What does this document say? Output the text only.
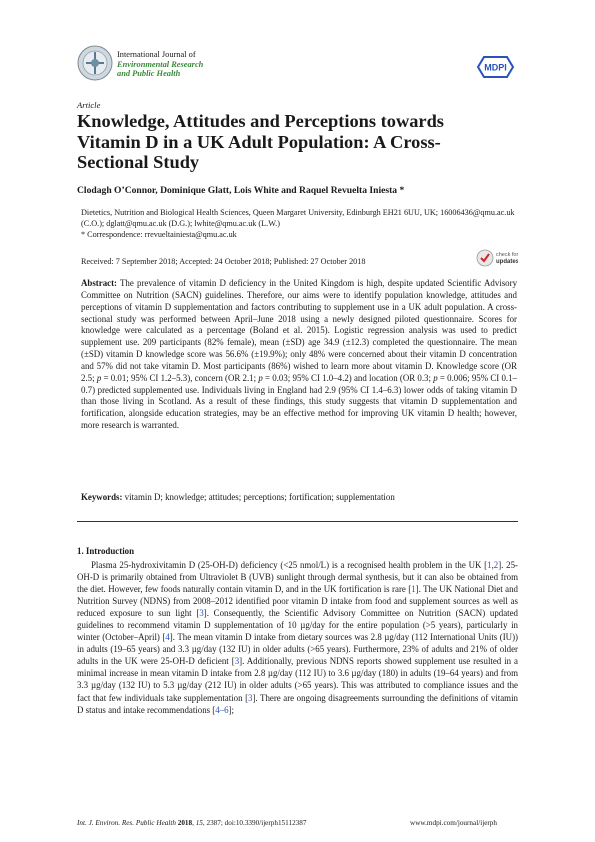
International Journal of
Environmental Research
and Public Health
MDPI
Article
Knowledge, Attitudes and Perceptions towards Vitamin D in a UK Adult Population: A Cross-Sectional Study
Clodagh O’Connor, Dominique Glatt, Lois White and Raquel Revuelta Iniesta *
Dietetics, Nutrition and Biological Health Sciences, Queen Margaret University, Edinburgh EH21 6UU, UK; 16006436@qmu.ac.uk (C.O.); dglatt@qmu.ac.uk (D.G.); lwhite@qmu.ac.uk (L.W.)
* Correspondence: rrevueltainiesta@qmu.ac.uk
Received: 7 September 2018; Accepted: 24 October 2018; Published: 27 October 2018
check for
updates
Abstract: The prevalence of vitamin D deficiency in the United Kingdom is high, despite updated Scientific Advisory Committee on Nutrition (SACN) guidelines. Therefore, our aims were to identify population knowledge, attitudes and perceptions of vitamin D supplementation and factors contributing to supplement use in a UK adult population. A cross-sectional study was performed between April–June 2018 using a newly designed piloted questionnaire. Scores for knowledge were calculated as a percentage (Boland et al. 2015). Logistic regression analysis was used to predict supplement use. 209 participants (82% female), mean (±SD) age 34.9 (±12.3) completed the questionnaire. The mean (±SD) vitamin D knowledge score was 56.6% (±19.9%); only 48% were concerned about their vitamin D concentration and 57% did not take vitamin D. Most participants (86%) wished to learn more about vitamin D. Knowledge score (OR 2.5; p = 0.01; 95% CI 1.2–5.3), concern (OR 2.1; p = 0.03; 95% CI 1.0–4.2) and location (OR 0.3; p = 0.006; 95% CI 0.1–0.7) predicted supplemented use. Individuals living in England had 2.9 (95% CI 1.4–6.3) lower odds of taking vitamin D than those living in Scotland. As a result of these findings, this study suggests that vitamin D supplementation and fortification, alongside education strategies, may be an effective method for improving UK vitamin D health; however, more research is warranted.
Keywords: vitamin D; knowledge; attitudes; perceptions; fortification; supplementation
1. Introduction
Plasma 25-hydroxivitamin D (25-OH-D) deficiency (<25 nmol/L) is a recognised health problem in the UK [1,2]. 25-OH-D is primarily obtained from Ultraviolet B (UVB) sunlight through dermal synthesis, but it can also be obtained from the diet. However, few foods naturally contain vitamin D, and in the UK fortification is rare [1]. The UK National Diet and Nutrition Survey (NDNS) from 2008–2012 identified poor vitamin D intake from food and supplement sources as well as reduced exposure to sun light [3]. Consequently, the Scientific Advisory Committee on Nutrition (SACN) updated guidelines to recommend vitamin D supplementation of 10 µg/day for the entire population (>5 years), particularly in winter (October–April) [4]. The mean vitamin D intake from dietary sources was 2.8 µg/day (112 International Units (IU)) in adults (19–65 years) and 3.3 µg/day (132 IU) in older adults (>65 years). Furthermore, 23% of adults and 21% of older adults in the UK were 25-OH-D deficient [3]. Additionally, previous NDNS reports showed supplement use resulted in a minimal increase in mean vitamin D intake from 2.8 µg/day (112 IU) to 3.6 µg/day (180) in adults (19–64 years) and from 3.3 µg/day (132 IU) to 5.3 µg/day (212 IU) in older adults (>65 years). This was attributed to compliance issues and the fact that few individuals take supplementation [3]. There are ongoing disagreements surrounding the definitions of vitamin D status and intake recommendations [4–6];
Int. J. Environ. Res. Public Health 2018, 15, 2387; doi:10.3390/ijerph15112387	www.mdpi.com/journal/ijerph
